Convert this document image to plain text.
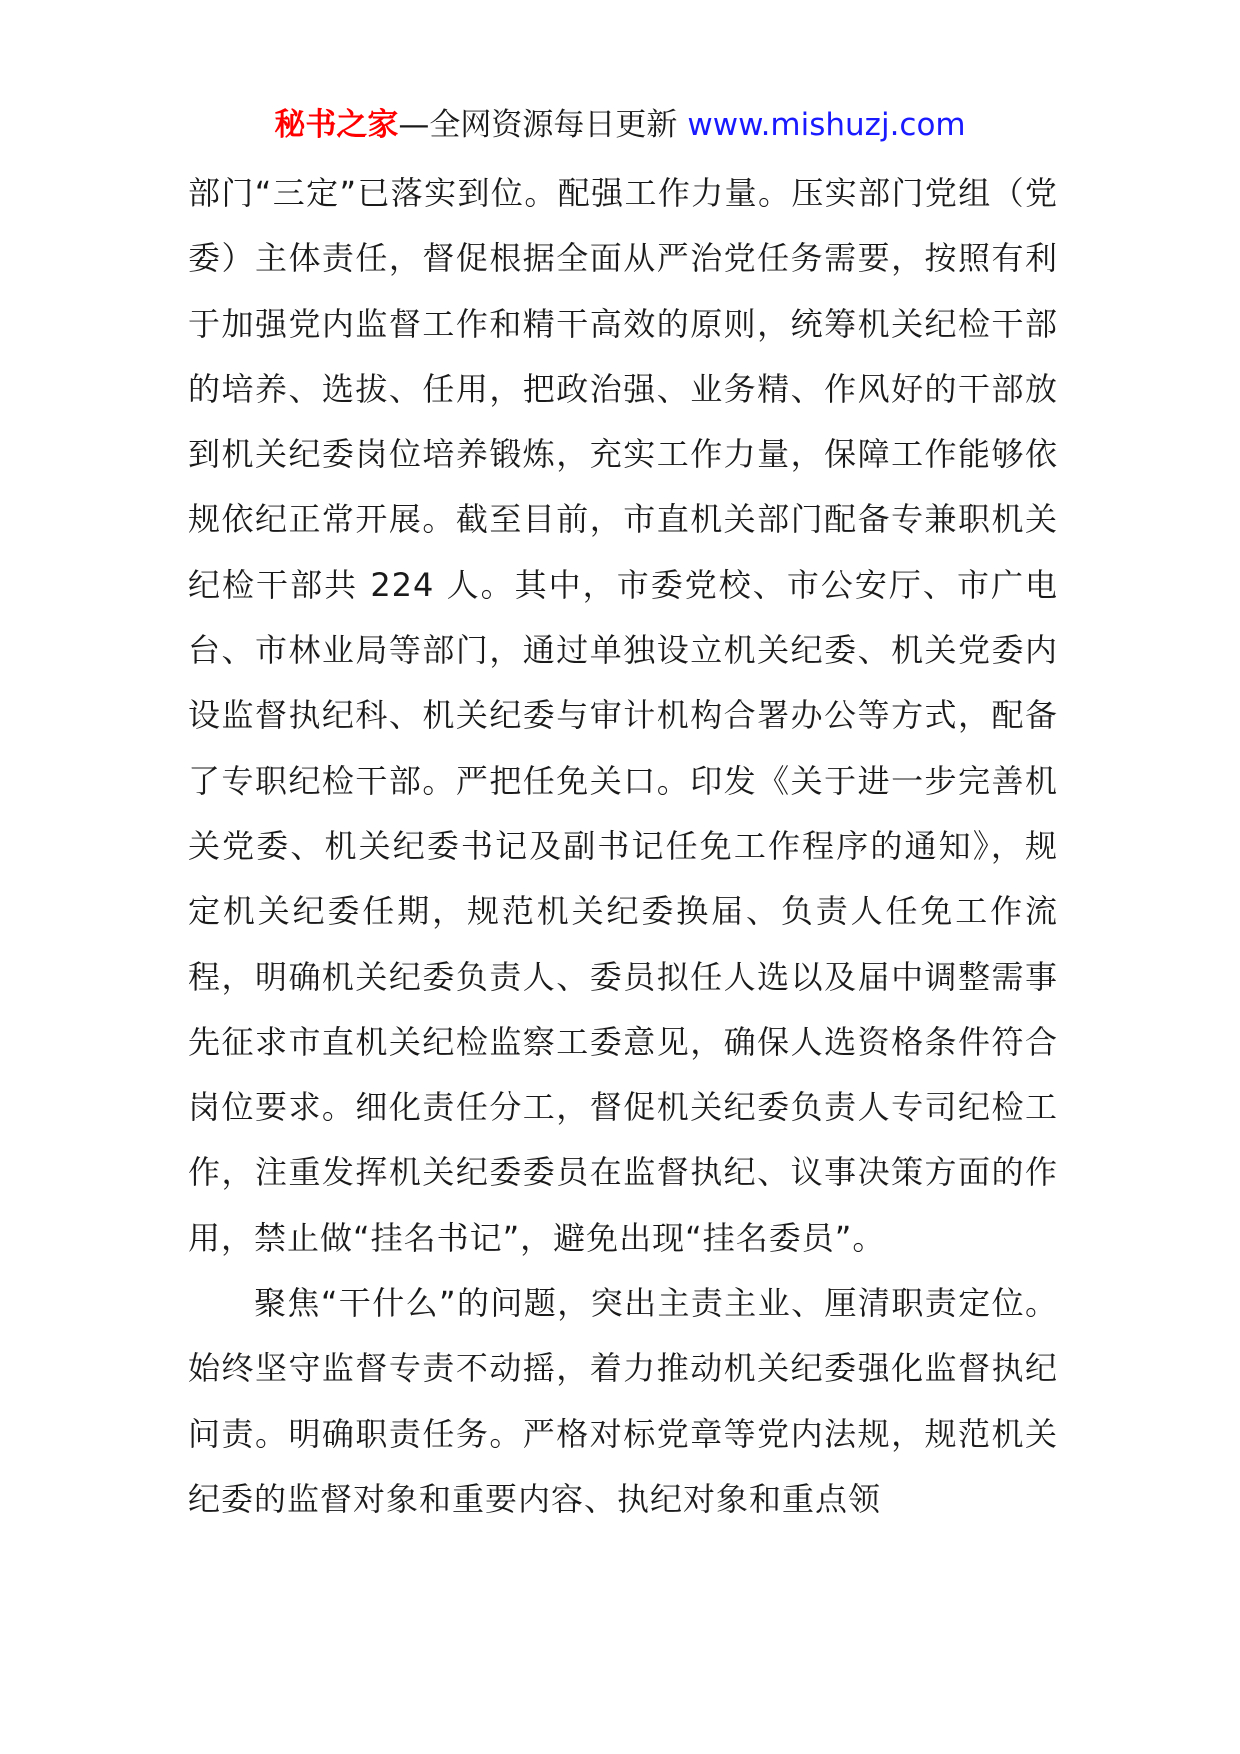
秘书之家—全网资源每日更新 www.mishuzj.com

部门“三定”已落实到位。配强工作力量。压实部门党组（党委）主体责任，督促根据全面从严治党任务需要，按照有利于加强党内监督工作和精干高效的原则，统筹机关纪检干部的培养、选拔、任用，把政治强、业务精、作风好的干部放到机关纪委岗位培养锻炼，充实工作力量，保障工作能够依规依纪正常开展。截至目前，市直机关部门配备专兼职机关纪检干部共 224 人。其中，市委党校、市公安厅、市广电台、市林业局等部门，通过单独设立机关纪委、机关党委内设监督执纪科、机关纪委与审计机构合署办公等方式，配备了专职纪检干部。严把任免关口。印发《关于进一步完善机关党委、机关纪委书记及副书记任免工作程序的通知》，规定机关纪委任期，规范机关纪委换届、负责人任免工作流程，明确机关纪委负责人、委员拟任人选以及届中调整需事先征求市直机关纪检监察工委意见，确保人选资格条件符合岗位要求。细化责任分工，督促机关纪委负责人专司纪检工作，注重发挥机关纪委委员在监督执纪、议事决策方面的作用，禁止做“挂名书记”，避免出现“挂名委员”。

聚焦“干什么”的问题，突出主责主业、厘清职责定位。始终坚守监督专责不动摇，着力推动机关纪委强化监督执纪问责。明确职责任务。严格对标党章等党内法规，规范机关纪委的监督对象和重要内容、执纪对象和重点领
